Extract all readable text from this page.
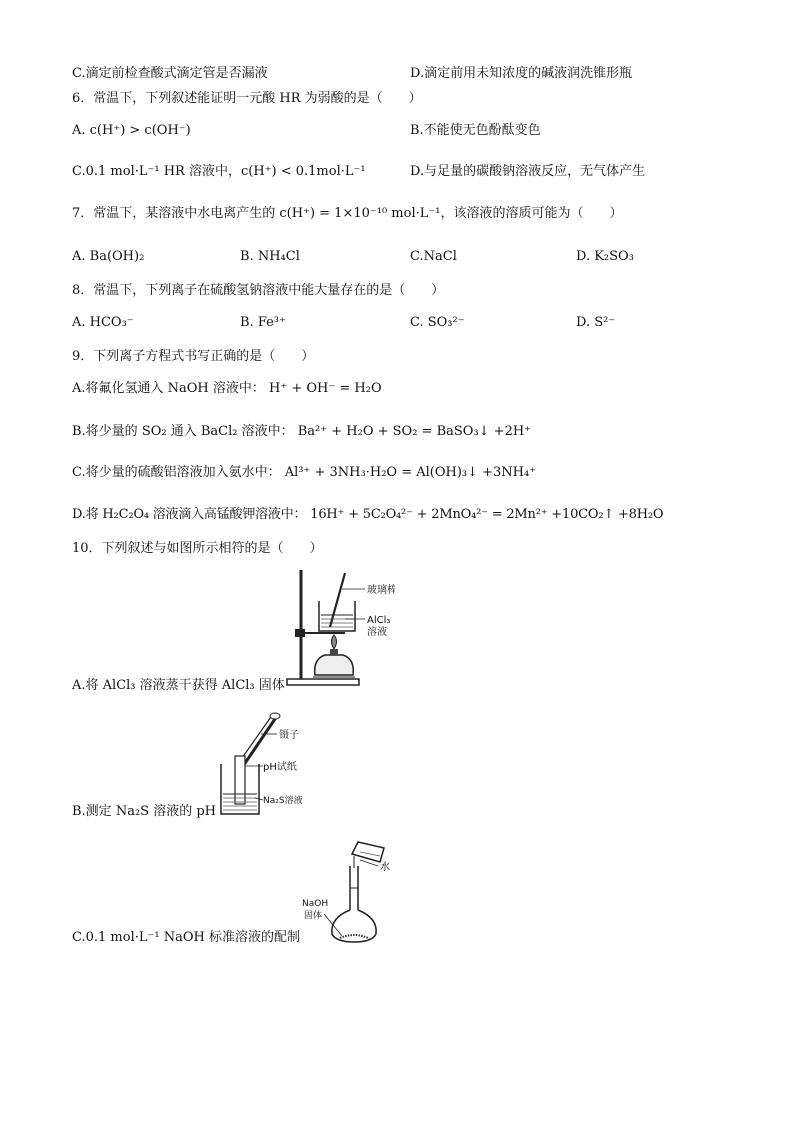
C.滴定前检查酸式滴定管是否漏液	D.滴定前用未知浓度的碱液润洗锥形瓶
6．常温下，下列叙述能证明一元酸 HR 为弱酸的是（　　）
A. c(H⁺) > c(OH⁻)	B.不能使无色酚酞变色
C.0.1 mol·L⁻¹ HR 溶液中，c(H⁺) < 0.1mol·L⁻¹	D.与足量的碳酸钠溶液反应，无气体产生
7．常温下，某溶液中水电离产生的 c(H⁺) = 1×10⁻¹⁰ mol·L⁻¹，该溶液的溶质可能为（　　）
A. Ba(OH)₂	B. NH₄Cl	C.NaCl	D. K₂SO₃
8．常温下，下列离子在硫酸氢钠溶液中能大量存在的是（　　）
A. HCO₃⁻	B. Fe³⁺	C. SO₃²⁻	D. S²⁻
9．下列离子方程式书写正确的是（　　）
A.将氟化氢通入 NaOH 溶液中： H⁺ + OH⁻ = H₂O
B.将少量的 SO₂ 通入 BaCl₂ 溶液中： Ba²⁺ + H₂O + SO₂ = BaSO₃↓ +2H⁺
C.将少量的硫酸铝溶液加入氨水中： Al³⁺ + 3NH₃·H₂O = Al(OH)₃↓ +3NH₄⁺
D.将 H₂C₂O₄ 溶液滴入高锰酸钾溶液中： 16H⁺ + 5C₂O₄²⁻ + 2MnO₄²⁻ = 2Mn²⁺ +10CO₂↑ +8H₂O
10．下列叙述与如图所示相符的是（　　）
玻璃棒
AlCl₃
溶液
A.将 AlCl₃ 溶液蒸干获得 AlCl₃ 固体
镊子
pH试纸
Na₂S溶液
B.测定 Na₂S 溶液的 pH
水
NaOH
固体
C.0.1 mol·L⁻¹ NaOH 标准溶液的配制
